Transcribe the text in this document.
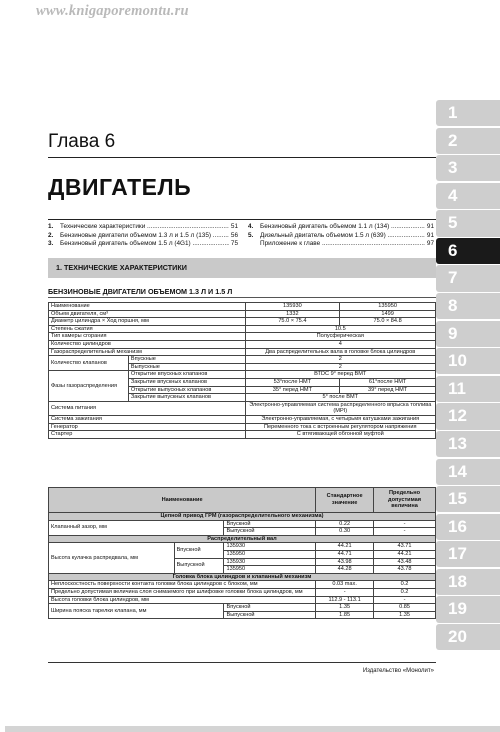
www.knigaporemontu.ru
Глава 6
ДВИГАТЕЛЬ
1.	Технические характеристики .....	51
2.	Бензиновые двигатели объемом 1.3 л и 1.5 л (135) .....	56
3.	Бензиновый двигатель объемом 1.5 л (4G1) .....	75
4.	Бензиновый двигатель объемом 1.1 л (134) .....	91
5.	Дизельный двигатель объемом 1.5 л (639) .....	91
Приложение к главе .....	97
1. ТЕХНИЧЕСКИЕ ХАРАКТЕРИСТИКИ
БЕНЗИНОВЫЕ ДВИГАТЕЛИ ОБЪЕМОМ 1.3 Л И 1.5 Л
Наименование		135930	135950
Объем двигателя, см³		1332	1499
Диаметр цилиндра × Ход поршня, мм		75.0 × 75.4	75.0 × 84.8
Степень сжатия		10.5	
Тип камеры сгорания		Полусферическая	
Количество цилиндров		4	
Газораспределительный механизм		Два распределительных вала в головке блока цилиндров	
Количество клапанов	Впускные	2	
	Выпускные	2	
Фазы газораспределения	Открытие впускных клапанов	ВТDС 9° перед ВМТ	
	Закрытие впускных клапанов	53°после НМТ	61°после НМТ
	Открытие выпускных клапанов	35° перед НМТ	39° перед НМТ
	Закрытие выпускных клапанов	5° после ВМТ	
Система питания		Электронно-управляемая система распределенного впрыска топлива (MPI)	
Система зажигания		Электронно-управляемая, с четырьмя катушками зажигания	
Генератор		Переменного тока с встроенным регулятором напряжения	
Стартер		С втягивающей обгонной муфтой	
Наименование			Стандартное значение	Предельно допустимая величина
Цепной привод ГРМ (газораспределительного механизма)				
Клапанный зазор, мм		Впускной	0.22	-
		Выпускной	0.30	-
Распределительный вал				
Высота кулачка распредвала, мм	Впускной	135930	44.21	43.71
		135950	44.71	44.21
	Выпускной	135930	43.98	43.48
		135950	44.28	43.78
Головка блока цилиндров и клапанный механизм				
Неплоскостность поверхности контакта головки блока цилиндров с блоком, мм			0.03 max.	0.2
Предельно допустимая величина слоя снимаемого при шлифовке головки блока цилиндров, мм			-	0.2
Высота головки блока цилиндров, мм			112.9 - 113.1	-
Ширина пояска тарелки клапана, мм		Впускной	1.35	0.85
		Выпускной	1.85	1.35
Издательство «Монолит»
1
2
3
4
5
6
7
8
9
10
11
12
13
14
15
16
17
18
19
20
